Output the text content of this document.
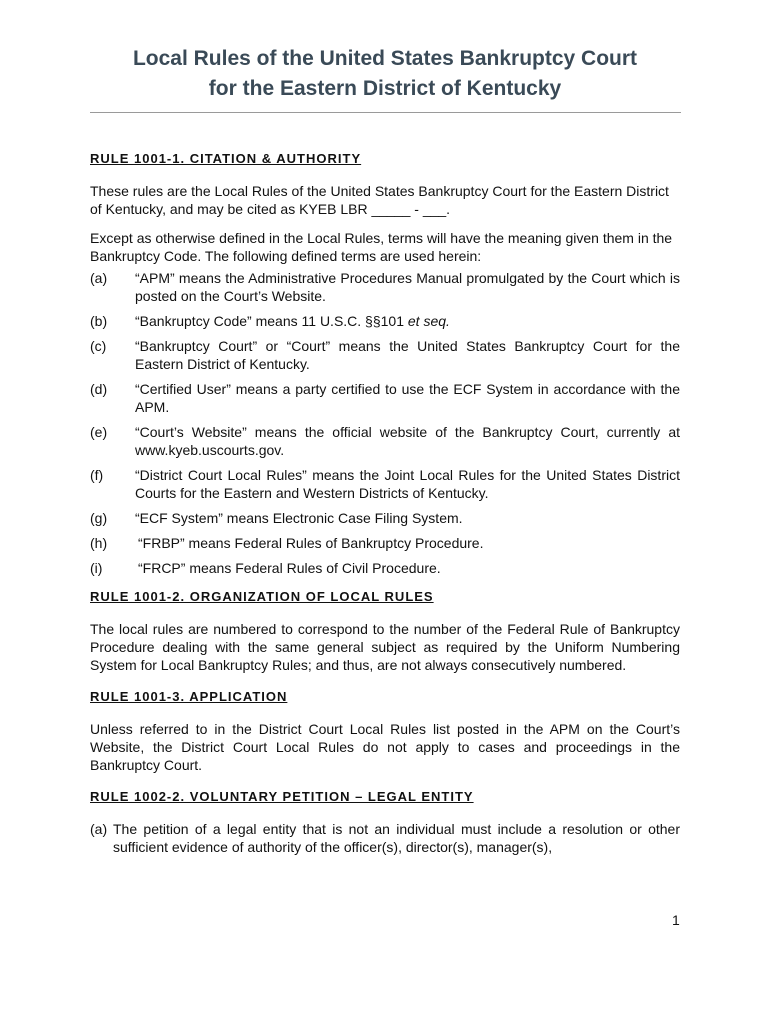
Local Rules of the United States Bankruptcy Court
for the Eastern District of Kentucky
RULE 1001-1. CITATION & AUTHORITY

These rules are the Local Rules of the United States Bankruptcy Court for the Eastern District of Kentucky, and may be cited as KYEB LBR _____ - ___.

Except as otherwise defined in the Local Rules, terms will have the meaning given them in the Bankruptcy Code. The following defined terms are used herein:

(a)	“APM” means the Administrative Procedures Manual promulgated by the Court which is posted on the Court’s Website.
(b)	“Bankruptcy Code” means 11 U.S.C. §§101 et seq.
(c)	“Bankruptcy Court” or “Court” means the United States Bankruptcy Court for the Eastern District of Kentucky.
(d)	“Certified User” means a party certified to use the ECF System in accordance with the APM.
(e)	“Court’s Website” means the official website of the Bankruptcy Court, currently at www.kyeb.uscourts.gov.
(f)	“District Court Local Rules” means the Joint Local Rules for the United States District Courts for the Eastern and Western Districts of Kentucky.
(g)	“ECF System” means Electronic Case Filing System.
(h)	“FRBP” means Federal Rules of Bankruptcy Procedure.
(i)	“FRCP” means Federal Rules of Civil Procedure.
RULE 1001-2. ORGANIZATION OF LOCAL RULES

The local rules are numbered to correspond to the number of the Federal Rule of Bankruptcy Procedure dealing with the same general subject as required by the Uniform Numbering System for Local Bankruptcy Rules; and thus, are not always consecutively numbered.

RULE 1001-3. APPLICATION

Unless referred to in the District Court Local Rules list posted in the APM on the Court’s Website, the District Court Local Rules do not apply to cases and proceedings in the Bankruptcy Court.

RULE 1002-2. VOLUNTARY PETITION – LEGAL ENTITY
(a) The petition of a legal entity that is not an individual must include a resolution or other sufficient evidence of authority of the officer(s), director(s), manager(s),
1
